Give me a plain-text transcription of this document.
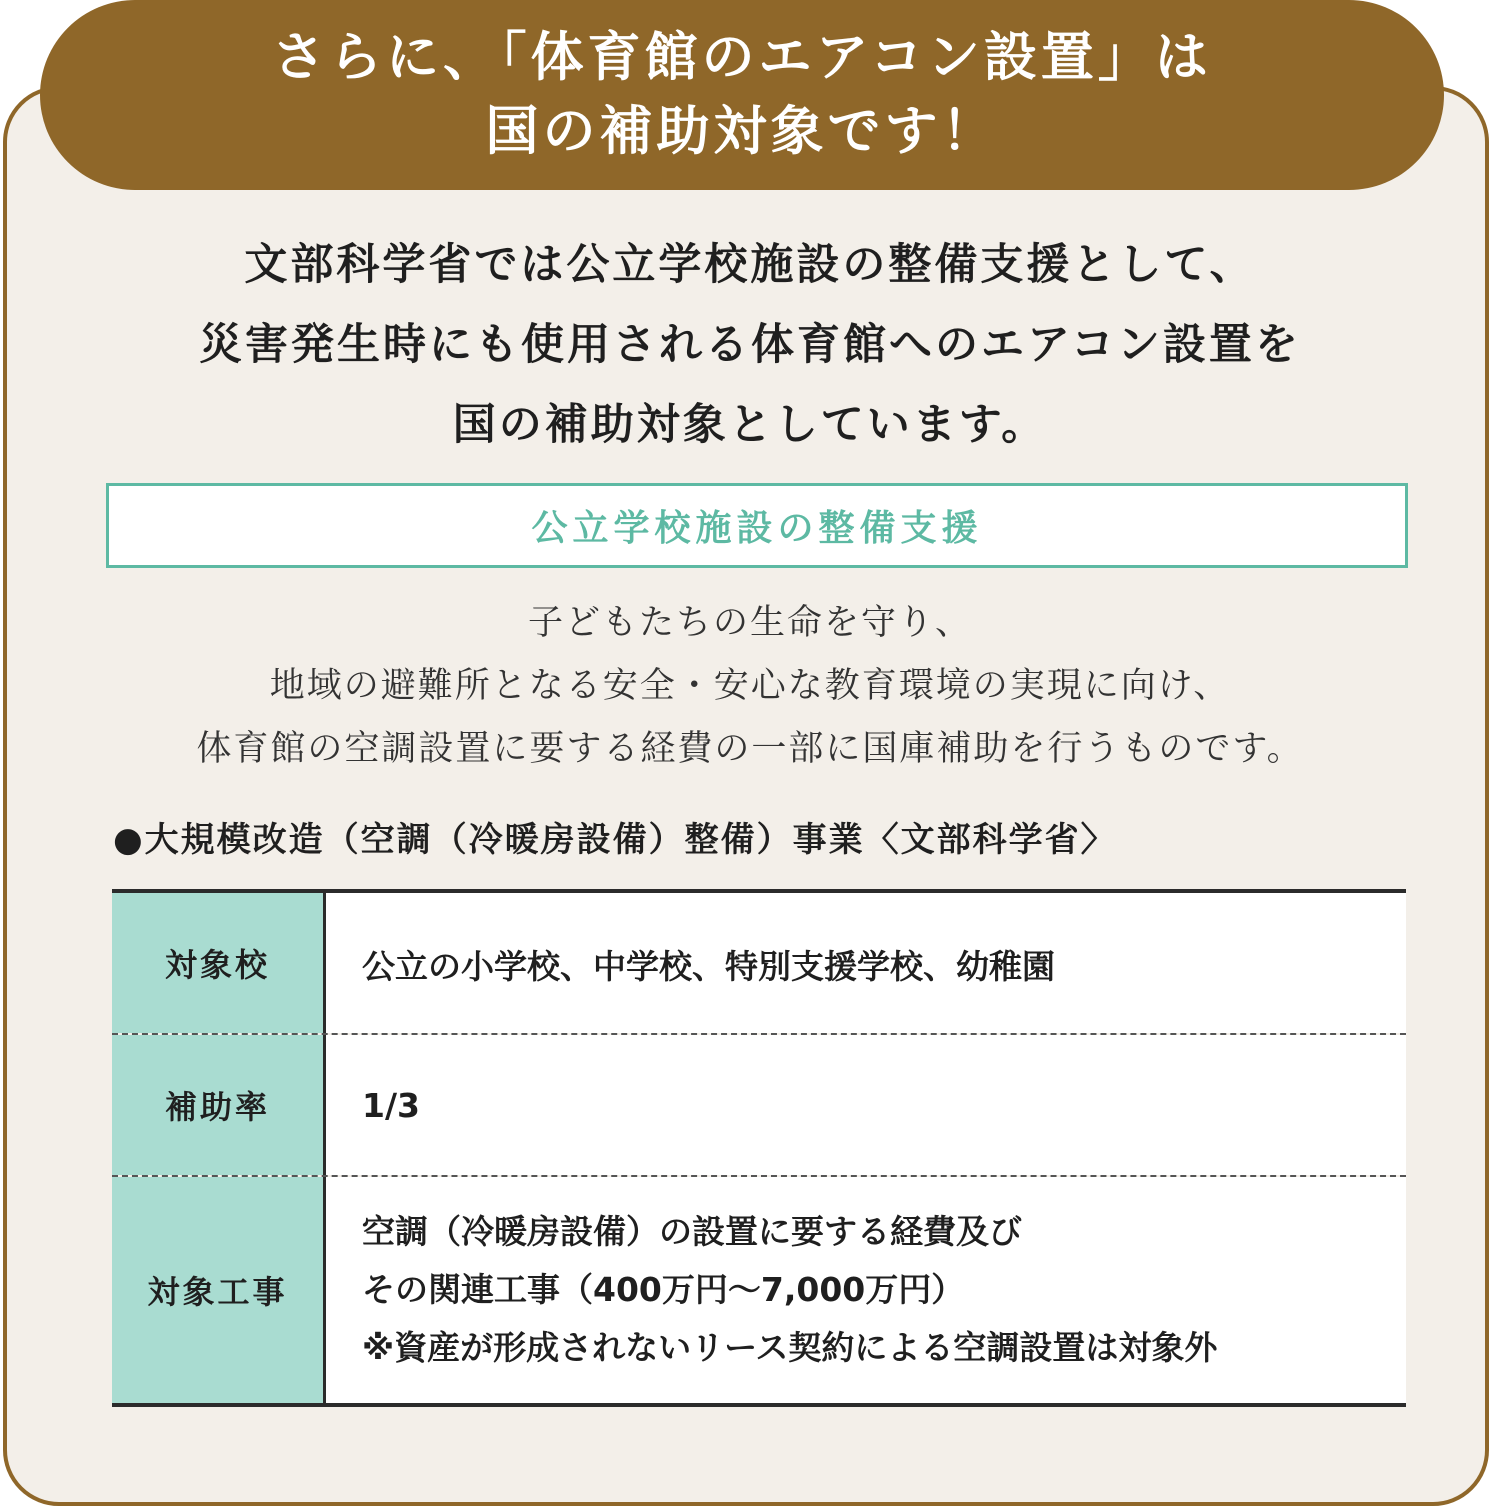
さらに、「体育館のエアコン設置」は
国の補助対象です！
文部科学省では公立学校施設の整備支援として、
災害発生時にも使用される体育館へのエアコン設置を
国の補助対象としています。
公立学校施設の整備支援
子どもたちの生命を守り、
地域の避難所となる安全・安心な教育環境の実現に向け、
体育館の空調設置に要する経費の一部に国庫補助を行うものです。
●大規模改造（空調（冷暖房設備）整備）事業〈文部科学省〉
対象校	公立の小学校、中学校、特別支援学校、幼稚園
補助率	1/3
対象工事
空調（冷暖房設備）の設置に要する経費及び
その関連工事（400万円～7,000万円）
※資産が形成されないリース契約による空調設置は対象外
